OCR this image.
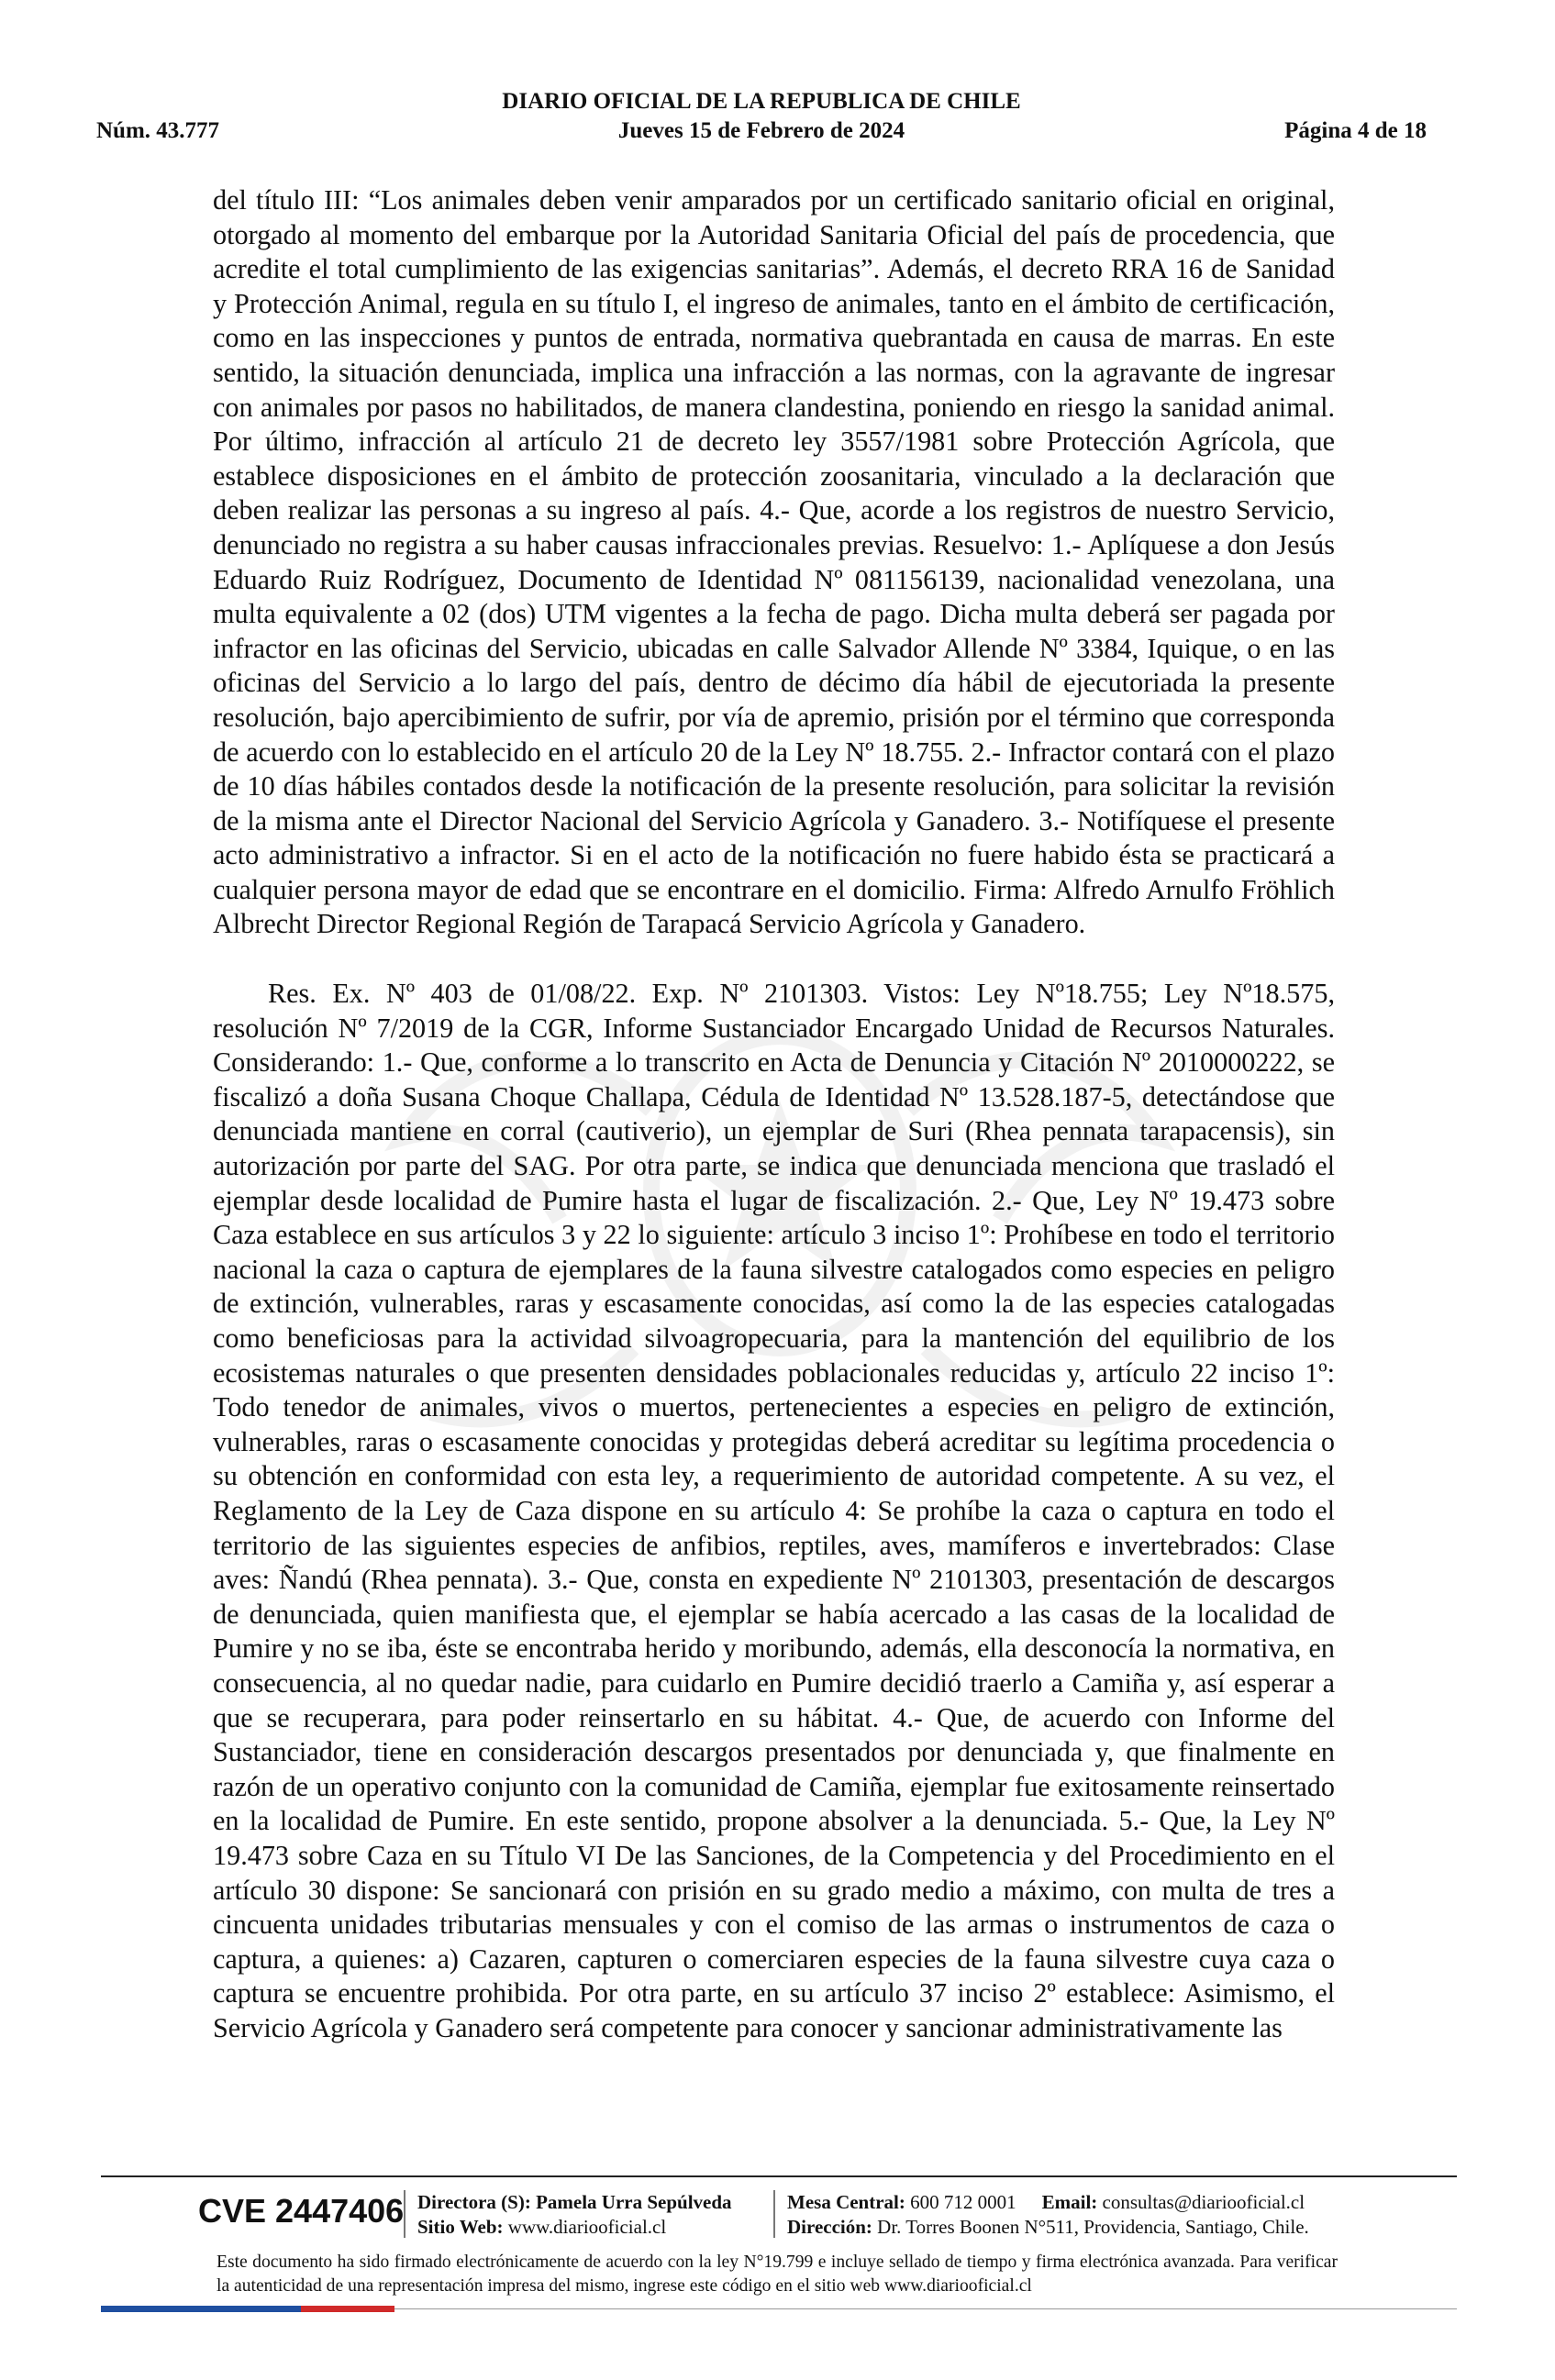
DIARIO OFICIAL DE LA REPUBLICA DE CHILE
Núm. 43.777	Jueves 15 de Febrero de 2024	Página 4 de 18

del título III: “Los animales deben venir amparados por un certificado sanitario oficial en original, otorgado al momento del embarque por la Autoridad Sanitaria Oficial del país de procedencia, que acredite el total cumplimiento de las exigencias sanitarias”. Además, el decreto RRA 16 de Sanidad y Protección Animal, regula en su título I, el ingreso de animales, tanto en el ámbito de certificación, como en las inspecciones y puntos de entrada, normativa quebrantada en causa de marras. En este sentido, la situación denunciada, implica una infracción a las normas, con la agravante de ingresar con animales por pasos no habilitados, de manera clandestina, poniendo en riesgo la sanidad animal. Por último, infracción al artículo 21 de decreto ley 3557/1981 sobre Protección Agrícola, que establece disposiciones en el ámbito de protección zoosanitaria, vinculado a la declaración que deben realizar las personas a su ingreso al país. 4.- Que, acorde a los registros de nuestro Servicio, denunciado no registra a su haber causas infraccionales previas. Resuelvo: 1.- Aplíquese a don Jesús Eduardo Ruiz Rodríguez, Documento de Identidad Nº 081156139, nacionalidad venezolana, una multa equivalente a 02 (dos) UTM vigentes a la fecha de pago. Dicha multa deberá ser pagada por infractor en las oficinas del Servicio, ubicadas en calle Salvador Allende Nº 3384, Iquique, o en las oficinas del Servicio a lo largo del país, dentro de décimo día hábil de ejecutoriada la presente resolución, bajo apercibimiento de sufrir, por vía de apremio, prisión por el término que corresponda de acuerdo con lo establecido en el artículo 20 de la Ley Nº 18.755. 2.- Infractor contará con el plazo de 10 días hábiles contados desde la notificación de la presente resolución, para solicitar la revisión de la misma ante el Director Nacional del Servicio Agrícola y Ganadero. 3.- Notifíquese el presente acto administrativo a infractor. Si en el acto de la notificación no fuere habido ésta se practicará a cualquier persona mayor de edad que se encontrare en el domicilio. Firma: Alfredo Arnulfo Fröhlich Albrecht Director Regional Región de Tarapacá Servicio Agrícola y Ganadero.

Res. Ex. Nº 403 de 01/08/22. Exp. Nº 2101303. Vistos: Ley Nº18.755; Ley Nº18.575, resolución Nº 7/2019 de la CGR, Informe Sustanciador Encargado Unidad de Recursos Naturales. Considerando: 1.- Que, conforme a lo transcrito en Acta de Denuncia y Citación Nº 2010000222, se fiscalizó a doña Susana Choque Challapa, Cédula de Identidad Nº 13.528.187-5, detectándose que denunciada mantiene en corral (cautiverio), un ejemplar de Suri (Rhea pennata tarapacensis), sin autorización por parte del SAG. Por otra parte, se indica que denunciada menciona que trasladó el ejemplar desde localidad de Pumire hasta el lugar de fiscalización. 2.- Que, Ley Nº 19.473 sobre Caza establece en sus artículos 3 y 22 lo siguiente: artículo 3 inciso 1º: Prohíbese en todo el territorio nacional la caza o captura de ejemplares de la fauna silvestre catalogados como especies en peligro de extinción, vulnerables, raras y escasamente conocidas, así como la de las especies catalogadas como beneficiosas para la actividad silvoagropecuaria, para la mantención del equilibrio de los ecosistemas naturales o que presenten densidades poblacionales reducidas y, artículo 22 inciso 1º: Todo tenedor de animales, vivos o muertos, pertenecientes a especies en peligro de extinción, vulnerables, raras o escasamente conocidas y protegidas deberá acreditar su legítima procedencia o su obtención en conformidad con esta ley, a requerimiento de autoridad competente. A su vez, el Reglamento de la Ley de Caza dispone en su artículo 4: Se prohíbe la caza o captura en todo el territorio de las siguientes especies de anfibios, reptiles, aves, mamíferos e invertebrados: Clase aves: Ñandú (Rhea pennata). 3.- Que, consta en expediente Nº 2101303, presentación de descargos de denunciada, quien manifiesta que, el ejemplar se había acercado a las casas de la localidad de Pumire y no se iba, éste se encontraba herido y moribundo, además, ella desconocía la normativa, en consecuencia, al no quedar nadie, para cuidarlo en Pumire decidió traerlo a Camiña y, así esperar a que se recuperara, para poder reinsertarlo en su hábitat. 4.- Que, de acuerdo con Informe del Sustanciador, tiene en consideración descargos presentados por denunciada y, que finalmente en razón de un operativo conjunto con la comunidad de Camiña, ejemplar fue exitosamente reinsertado en la localidad de Pumire. En este sentido, propone absolver a la denunciada. 5.- Que, la Ley Nº 19.473 sobre Caza en su Título VI De las Sanciones, de la Competencia y del Procedimiento en el artículo 30 dispone: Se sancionará con prisión en su grado medio a máximo, con multa de tres a cincuenta unidades tributarias mensuales y con el comiso de las armas o instrumentos de caza o captura, a quienes: a) Cazaren, capturen o comerciaren especies de la fauna silvestre cuya caza o captura se encuentre prohibida. Por otra parte, en su artículo 37 inciso 2º establece: Asimismo, el Servicio Agrícola y Ganadero será competente para conocer y sancionar administrativamente las

CVE 2447406 Directora (S): Pamela Urra Sepúlveda
Sitio Web: www.diariooficial.cl
Mesa Central: 600 712 0001 Email: consultas@diariooficial.cl
Dirección: Dr. Torres Boonen N°511, Providencia, Santiago, Chile.
Este documento ha sido firmado electrónicamente de acuerdo con la ley N°19.799 e incluye sellado de tiempo y firma electrónica avanzada. Para verificar la autenticidad de una representación impresa del mismo, ingrese este código en el sitio web www.diariooficial.cl
